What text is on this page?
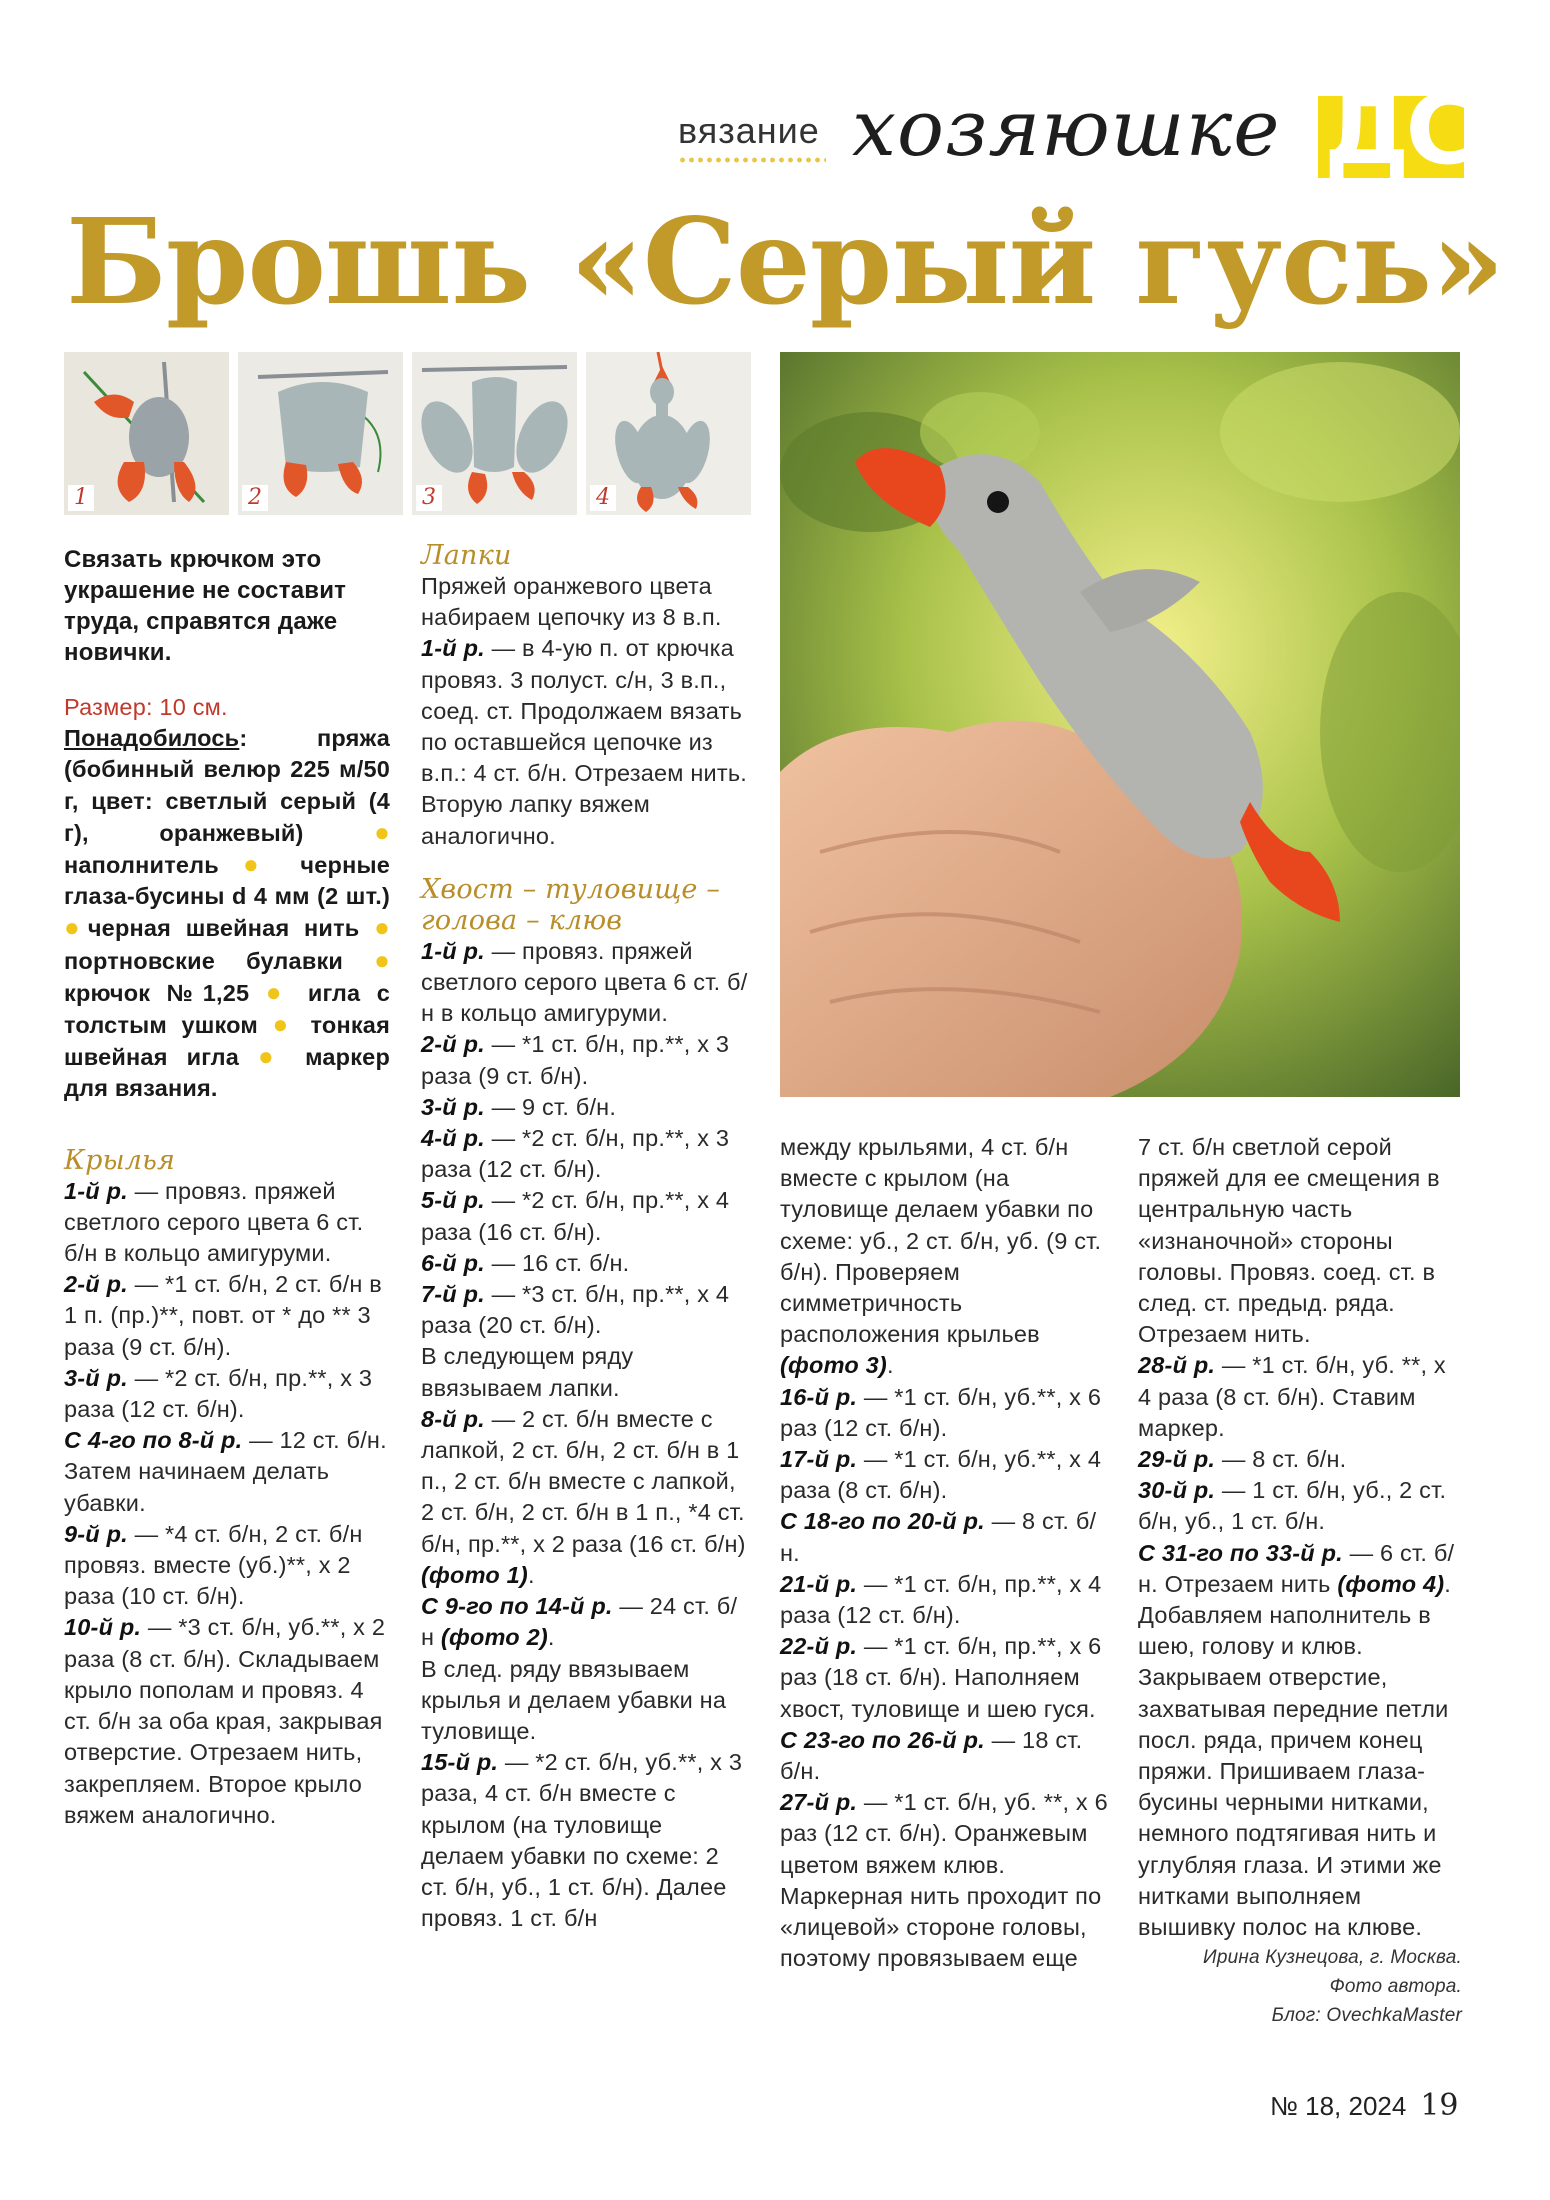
вязание хозяюшке ДС
Брошь «Серый гусь»
1	2	3	4

Связать крючком это украшение не составит труда, справятся даже новички.

Размер: 10 см.

Понадобилось: пряжа (бобинный велюр 225 м/50 г, цвет: светлый серый (4 г), оранжевый)	● наполнитель ● черные глаза-бусины d 4 мм (2 шт.) ●черная швейная нить ● портновские булавки ● крючок №1,25 ● игла с толстым ушком ● тонкая швейная игла ● маркер для вязания.

Крылья

1-й р. — провяз. пряжей светлого серого цвета 6 ст. б/н в кольцо амигуруми.

2-й р. — *1 ст. б/н, 2 ст. б/н в 1 п. (пр.)**, повт. от * до ** 3 раза (9 ст. б/н).

3-й р. — *2 ст. б/н, пр.**, х 3 раза (12 ст. б/н).

С 4-го по 8-й р. — 12 ст. б/н. Затем начинаем делать убавки.

9-й р. — *4 ст. б/н, 2 ст. б/н провяз. вместе (уб.)**, х 2 раза (10 ст. б/н).

10-й р. — *3 ст. б/н, уб.**, х 2 раза (8 ст. б/н). Складываем крыло пополам и провяз. 4 ст. б/н за оба края, закрывая отверстие. Отрезаем нить, закрепляем. Второе крыло вяжем аналогично.

Лапки

Пряжей оранжевого цвета набираем цепочку из 8 в.п.

1-й р. — в 4-ую п. от крючка провяз. 3 полуст. с/н, 3 в.п., соед. ст. Продолжаем вязать по оставшейся цепочке из в.п.: 4 ст. б/н. Отрезаем нить. Вторую лапку вяжем аналогично.

Хвост – туловище – голова – клюв

1-й р. — провяз. пряжей светлого серого цвета 6 ст. б/н в кольцо амигуруми.

2-й р. — *1 ст. б/н, пр.**, х 3 раза (9 ст. б/н).

3-й р. — 9 ст. б/н.

4-й р. — *2 ст. б/н, пр.**, х 3 раза (12 ст. б/н).

5-й р. — *2 ст. б/н, пр.**, х 4 раза (16 ст. б/н).

6-й р. — 16 ст. б/н.

7-й р. — *3 ст. б/н, пр.**, х 4 раза (20 ст. б/н).

В следующем ряду ввязываем лапки.

8-й р. — 2 ст. б/н вместе с лапкой, 2 ст. б/н, 2 ст. б/н в 1 п., 2 ст. б/н вместе с лапкой, 2 ст. б/н, 2 ст. б/н в 1 п., *4 ст. б/н, пр.**, х 2 раза (16 ст. б/н)(фото 1).

С 9-го по 14-й р. — 24 ст. б/н (фото 2).

В след. ряду ввязываем крылья и делаем убавки на туловище.

15-й р. — *2 ст. б/н, уб.**, х 3 раза, 4 ст. б/н вместе с крылом (на туловище делаем убавки по схеме: 2 ст. б/н, уб., 1 ст. б/н). Далее провяз. 1 ст. б/н

между крыльями, 4 ст. б/н вместе с крылом (на туловище делаем убавки по схеме: уб., 2 ст. б/н, уб. (9 ст. б/н). Проверяем симметричность расположения крыльев (фото 3).

16-й р. — *1 ст. б/н, уб.**, х 6 раз (12 ст. б/н).

17-й р. — *1 ст. б/н, уб.**, х 4 раза (8 ст. б/н).

С 18-го по 20-й р. — 8 ст. б/н.

21-й р. — *1 ст. б/н, пр.**, х 4 раза (12 ст. б/н).

22-й р. — *1 ст. б/н, пр.**, х 6 раз (18 ст. б/н). Наполняем хвост, туловище и шею гуся.

С 23-го по 26-й р. — 18 ст. б/н.

27-й р. — *1 ст. б/н, уб. **, х 6 раз (12 ст. б/н). Оранжевым цветом вяжем клюв. Маркерная нить проходит по «лицевой» стороне головы, поэтому провязываем еще

7 ст. б/н светлой серой пряжей для ее смещения в центральную часть «изнаночной» стороны головы. Провяз. соед. ст. в след. ст. предыд. ряда. Отрезаем нить.

28-й р. — *1 ст. б/н, уб. **, х 4 раза (8 ст. б/н). Ставим маркер.

29-й р. — 8 ст. б/н.

30-й р. — 1 ст. б/н, уб., 2 ст. б/н, уб., 1 ст. б/н.

С 31-го по 33-й р. — 6 ст. б/н. Отрезаем нить (фото 4). Добавляем наполнитель в шею, голову и клюв. Закрываем отверстие, захватывая передние петли посл. ряда, причем конец пряжи. Пришиваем глаза-бусины черными нитками, немного подтягивая нить и углубляя глаза. И этими же нитками выполняем вышивку полос на клюве.

Ирина Кузнецова, г. Москва.

Фото автора.

Блог: OvechkaMaster

№ 18, 2024 19
